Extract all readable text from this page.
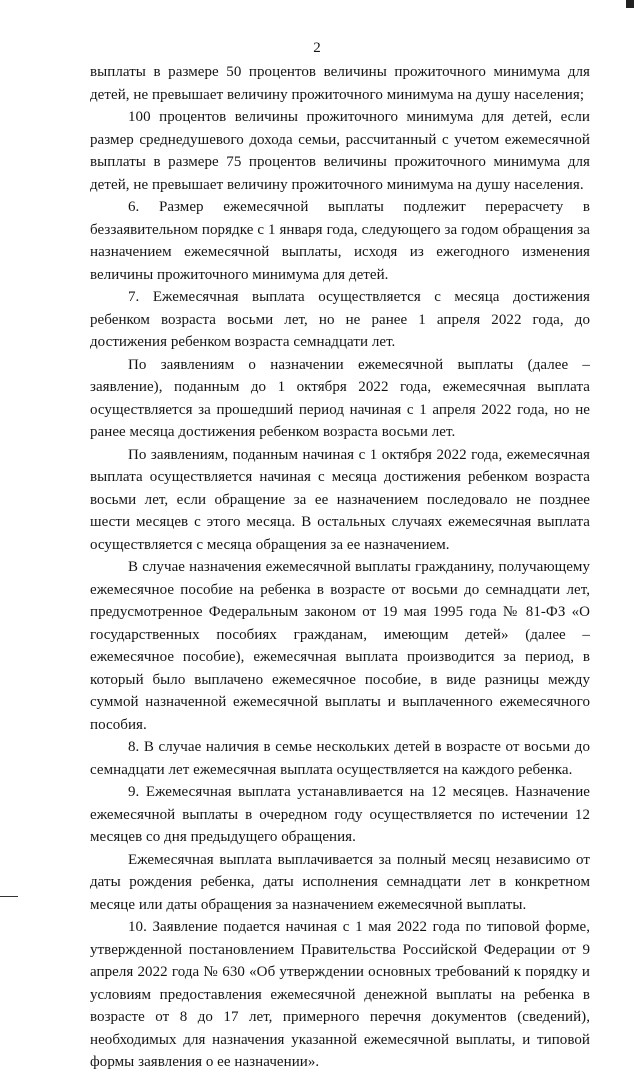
2

выплаты в размере 50 процентов величины прожиточного минимума для детей, не превышает величину прожиточного минимума на душу населения;

100 процентов величины прожиточного минимума для детей, если размер среднедушевого дохода семьи, рассчитанный с учетом ежемесячной выплаты в размере 75 процентов величины прожиточного минимума для детей, не превышает величину прожиточного минимума на душу населения.

6. Размер ежемесячной выплаты подлежит перерасчету в беззаявительном порядке с 1 января года, следующего за годом обращения за назначением ежемесячной выплаты, исходя из ежегодного изменения величины прожиточного минимума для детей.

7. Ежемесячная выплата осуществляется с месяца достижения ребенком возраста восьми лет, но не ранее 1 апреля 2022 года, до достижения ребенком возраста семнадцати лет.

По заявлениям о назначении ежемесячной выплаты (далее – заявление), поданным до 1 октября 2022 года, ежемесячная выплата осуществляется за прошедший период начиная с 1 апреля 2022 года, но не ранее месяца достижения ребенком возраста восьми лет.

По заявлениям, поданным начиная с 1 октября 2022 года, ежемесячная выплата осуществляется начиная с месяца достижения ребенком возраста восьми лет, если обращение за ее назначением последовало не позднее шести месяцев с этого месяца. В остальных случаях ежемесячная выплата осуществляется с месяца обращения за ее назначением.

В случае назначения ежемесячной выплаты гражданину, получающему ежемесячное пособие на ребенка в возрасте от восьми до семнадцати лет, предусмотренное Федеральным законом от 19 мая 1995 года № 81-ФЗ «О государственных пособиях гражданам, имеющим детей» (далее – ежемесячное пособие), ежемесячная выплата производится за период, в который было выплачено ежемесячное пособие, в виде разницы между суммой назначенной ежемесячной выплаты и выплаченного ежемесячного пособия.

8. В случае наличия в семье нескольких детей в возрасте от восьми до семнадцати лет ежемесячная выплата осуществляется на каждого ребенка.

9. Ежемесячная выплата устанавливается на 12 месяцев. Назначение ежемесячной выплаты в очередном году осуществляется по истечении 12 месяцев со дня предыдущего обращения.

Ежемесячная выплата выплачивается за полный месяц независимо от даты рождения ребенка, даты исполнения семнадцати лет в конкретном месяце или даты обращения за назначением ежемесячной выплаты.

10. Заявление подается начиная с 1 мая 2022 года по типовой форме, утвержденной постановлением Правительства Российской Федерации от 9 апреля 2022 года № 630 «Об утверждении основных требований к порядку и условиям предоставления ежемесячной денежной выплаты на ребенка в возрасте от 8 до 17 лет, примерного перечня документов (сведений), необходимых для назначения указанной ежемесячной выплаты, и типовой формы заявления о ее назначении».
